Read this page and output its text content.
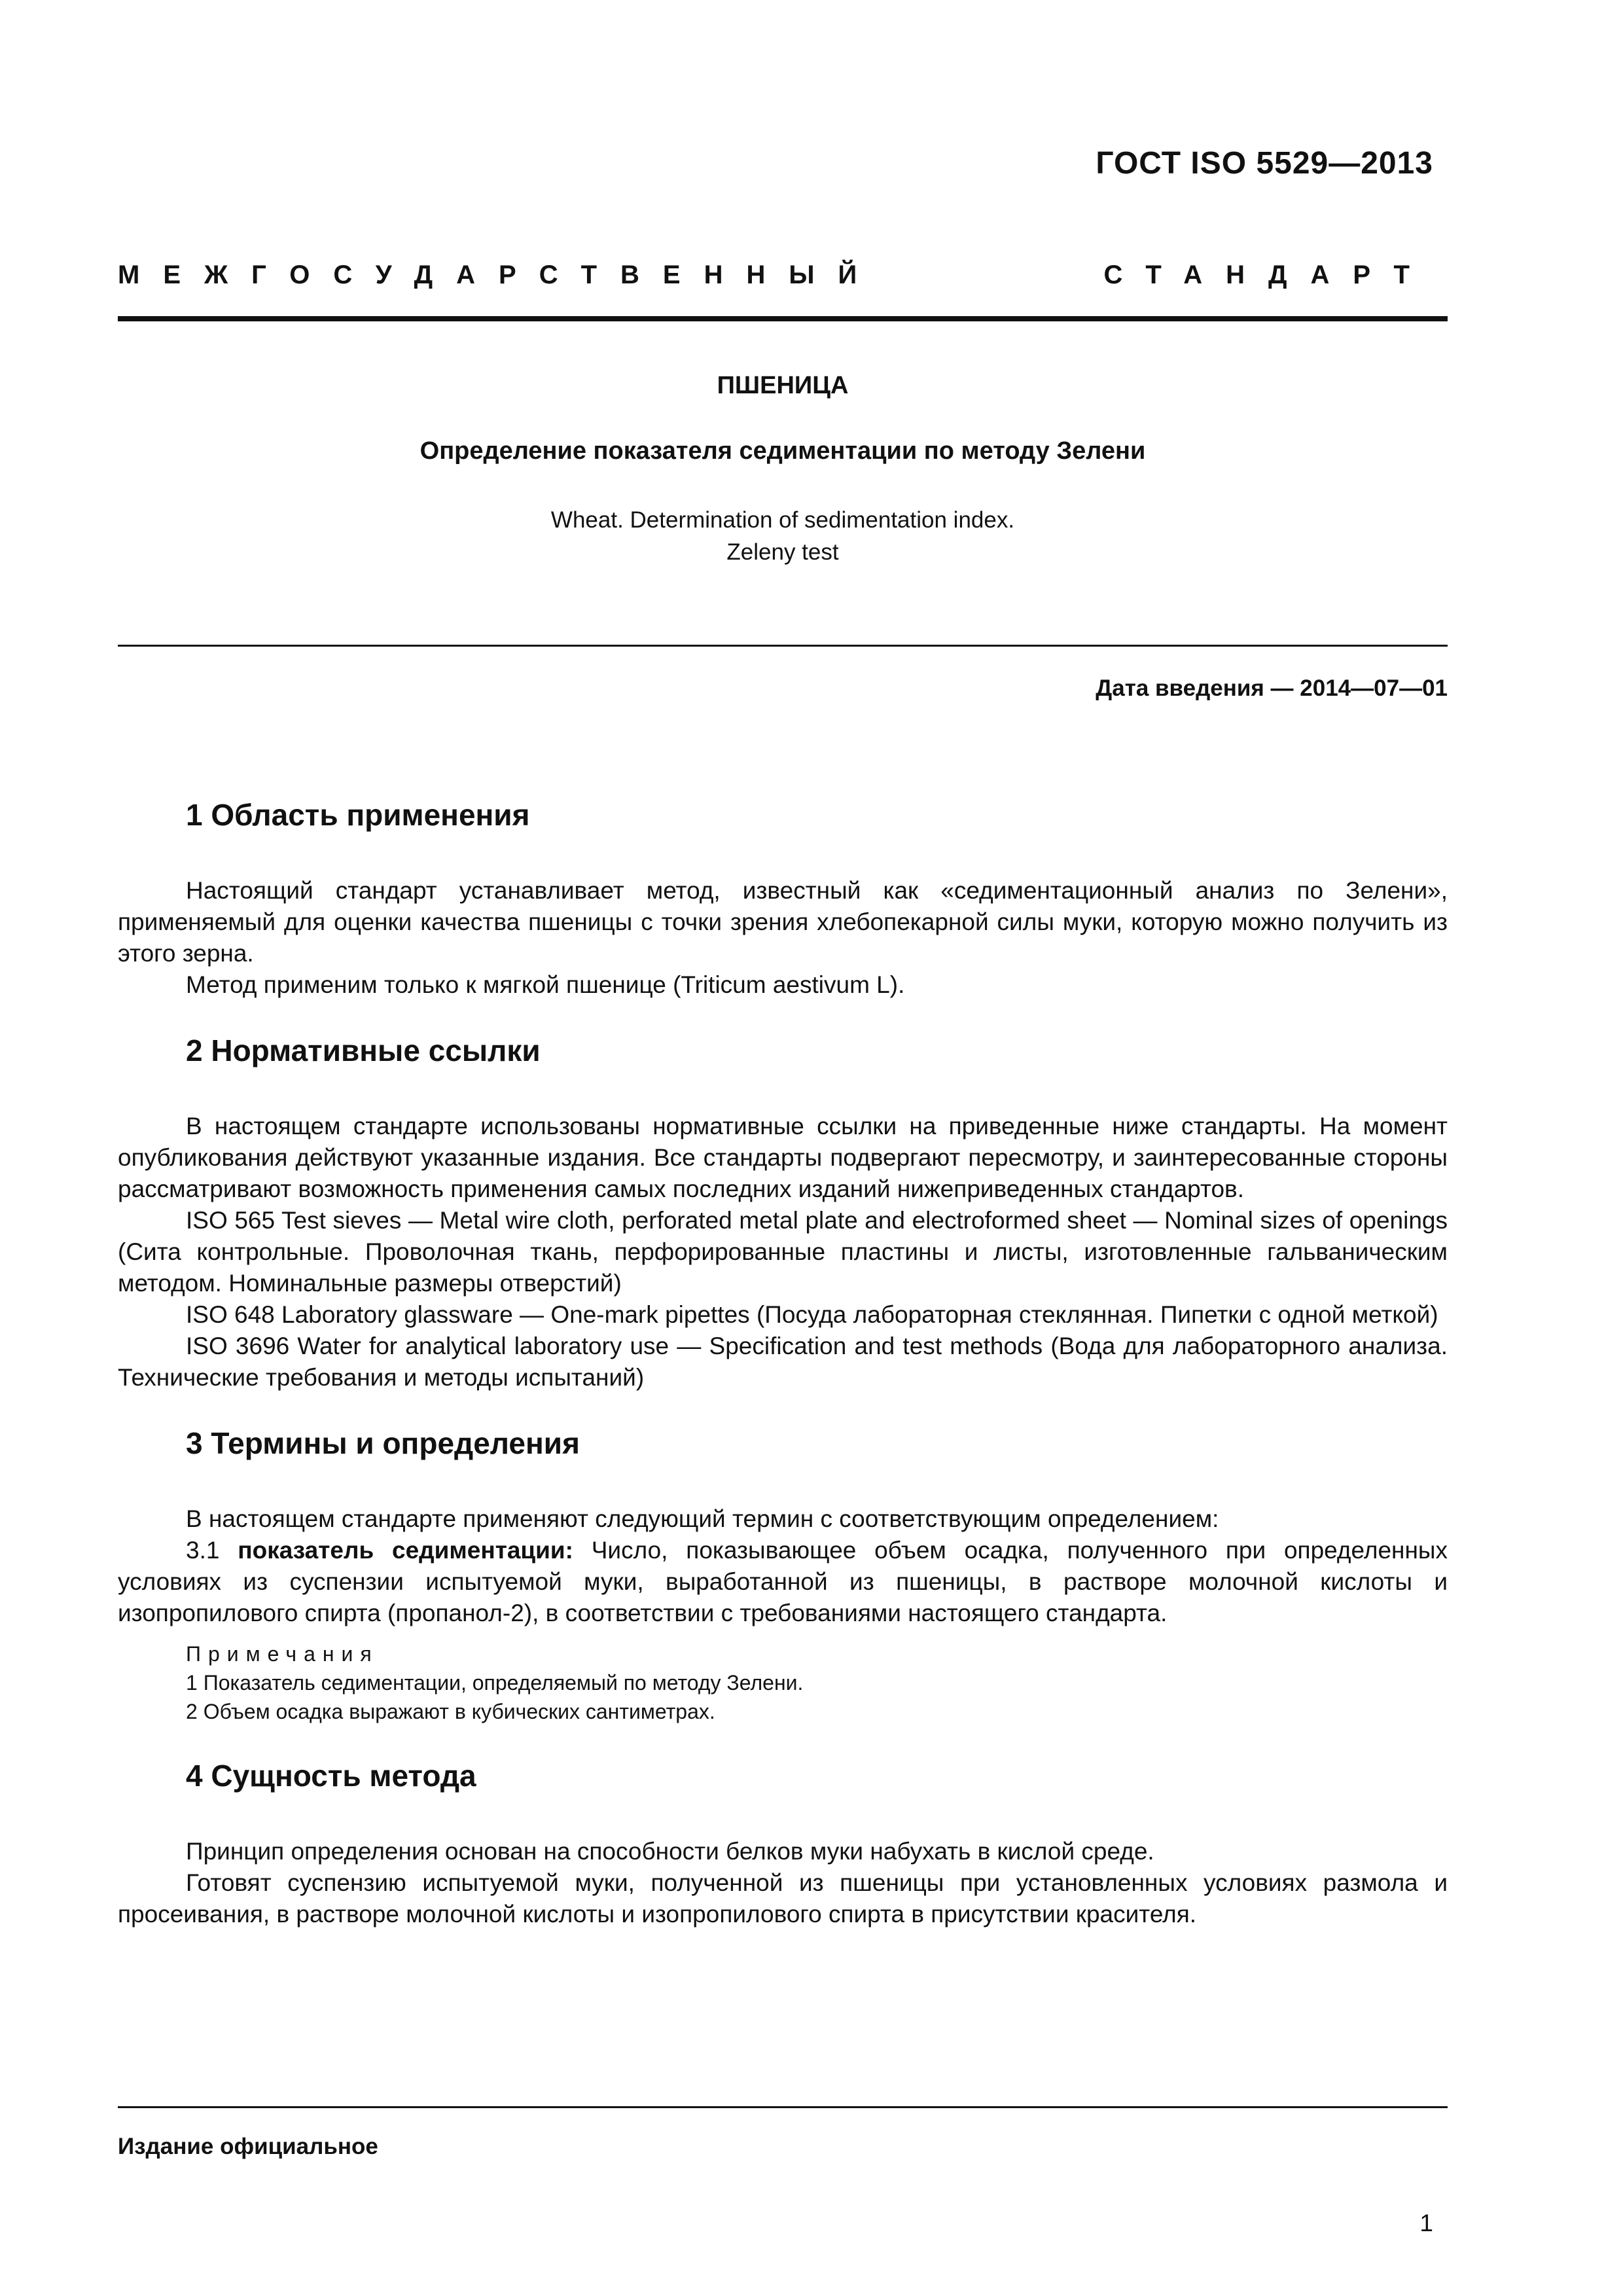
ГОСТ ISO 5529—2013
МЕЖГОСУДАРСТВЕННЫЙ СТАНДАРТ
ПШЕНИЦА
Определение показателя седиментации по методу Зелени
Wheat. Determination of sedimentation index.
Zeleny test
Дата введения — 2014—07—01
1 Область применения

Настоящий стандарт устанавливает метод, известный как «седиментационный анализ по Зелени», применяемый для оценки качества пшеницы с точки зрения хлебопекарной силы муки, которую можно получить из этого зерна.

Метод применим только к мягкой пшенице (Triticum aestivum L).

2 Нормативные ссылки

В настоящем стандарте использованы нормативные ссылки на приведенные ниже стандарты. На момент опубликования действуют указанные издания. Все стандарты подвергают пересмотру, и заинтересованные стороны рассматривают возможность применения самых последних изданий нижеприведенных стандартов.

ISO 565 Test sieves — Metal wire cloth, perforated metal plate and electroformed sheet — Nominal sizes of openings (Сита контрольные. Проволочная ткань, перфорированные пластины и листы, изготовленные гальваническим методом. Номинальные размеры отверстий)

ISO 648 Laboratory glassware — One-mark pipettes (Посуда лабораторная стеклянная. Пипетки с одной меткой)

ISO 3696 Water for analytical laboratory use — Specification and test methods (Вода для лабораторного анализа. Технические требования и методы испытаний)

3 Термины и определения

В настоящем стандарте применяют следующий термин с соответствующим определением:

3.1 показатель седиментации: Число, показывающее объем осадка, полученного при определенных условиях из суспензии испытуемой муки, выработанной из пшеницы, в растворе молочной кислоты и изопропилового спирта (пропанол-2), в соответствии с требованиями настоящего стандарта.

Примечания

1 Показатель седиментации, определяемый по методу Зелени.

2 Объем осадка выражают в кубических сантиметрах.

4 Сущность метода

Принцип определения основан на способности белков муки набухать в кислой среде.

Готовят суспензию испытуемой муки, полученной из пшеницы при установленных условиях размола и просеивания, в растворе молочной кислоты и изопропилового спирта в присутствии красителя.

Издание официальное
1
